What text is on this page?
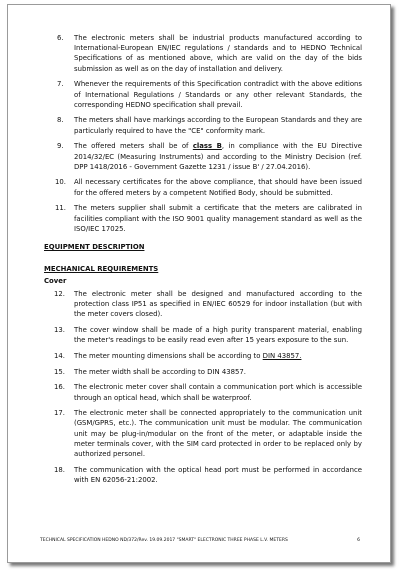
6. The electronic meters shall be industrial products manufactured according to International-European EN/IEC regulations / standards and to HEDNO Technical Specifications of as mentioned above, which are valid on the day of the bids submission as well as on the day of installation and delivery.
7. Whenever the requirements of this Specification contradict with the above editions of International Regulations / Standards or any other relevant Standards, the corresponding HEDNO specification shall prevail.
8. The meters shall have markings according to the European Standards and they are particularly required to have the "CE" conformity mark.
9. The offered meters shall be of class B, in compliance with the EU Directive 2014/32/EC (Measuring Instruments) and according to the Ministry Decision (ref. DPP 1418/2016 - Government Gazette 1231 / issue B' / 27.04.2016).
10. All necessary certificates for the above compliance, that should have been issued for the offered meters by a competent Notified Body, should be submitted.
11. The meters supplier shall submit a certificate that the meters are calibrated in facilities compliant with the ISO 9001 quality management standard as well as the ISO/IEC 17025.
EQUIPMENT DESCRIPTION
MECHANICAL REQUIREMENTS
Cover
12. The electronic meter shall be designed and manufactured according to the protection class IP51 as specified in EN/IEC 60529 for indoor installation (but with the meter covers closed).
13. The cover window shall be made of a high purity transparent material, enabling the meter's readings to be easily read even after 15 years exposure to the sun.
14. The meter mounting dimensions shall be according to DIN 43857.
15. The meter width shall be according to DIN 43857.
16. The electronic meter cover shall contain a communication port which is accessible through an optical head, which shall be waterproof.
17. The electronic meter shall be connected appropriately to the communication unit (GSM/GPRS, etc.). The communication unit must be modular. The communication unit may be plug-in/modular on the front of the meter, or adaptable inside the meter terminals cover, with the SIM card protected in order to be replaced only by authorized personel.
18. The communication with the optical head port must be performed in accordance with EN 62056-21:2002.
TECHNICAL SPECIFICATION HEDNO ND/372/Rev. 19.09.2017 "SMART" ELECTRONIC THREE PHASE L.V. METERS	6
